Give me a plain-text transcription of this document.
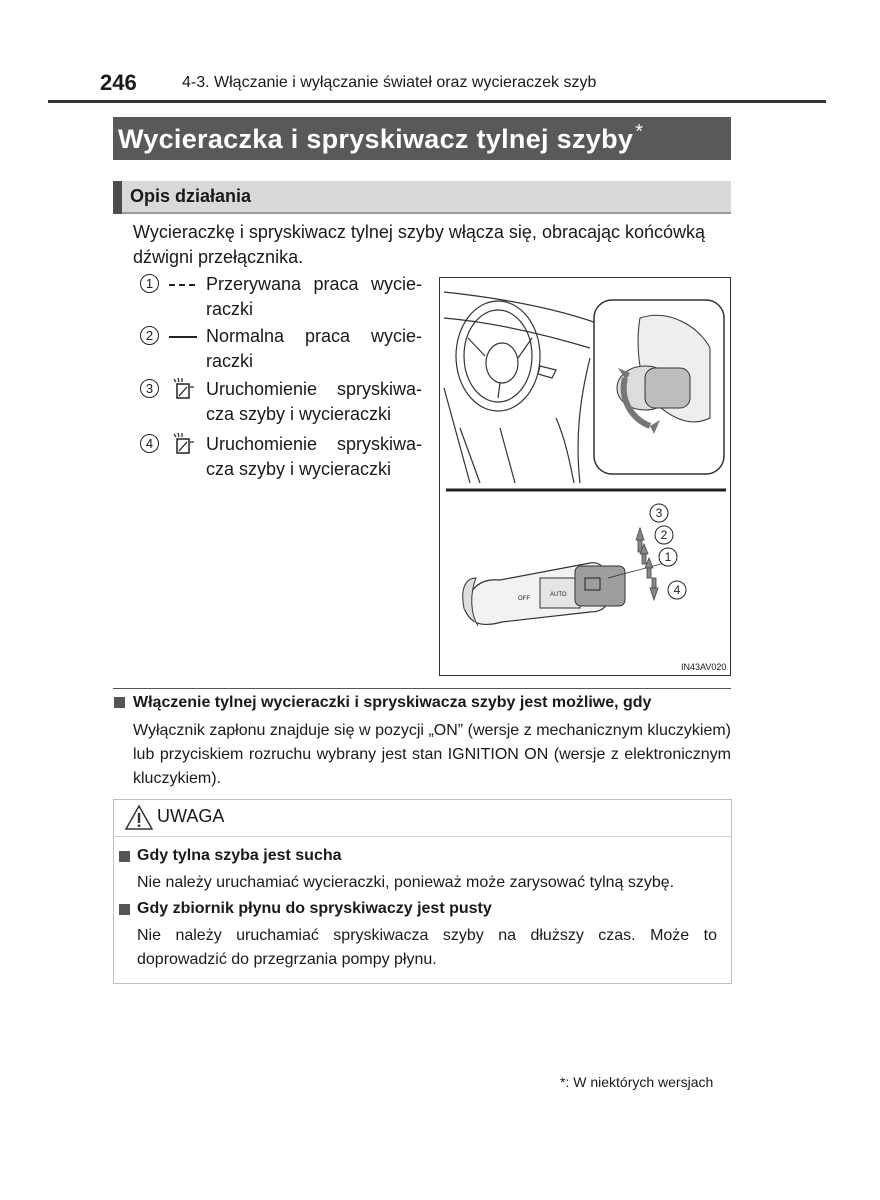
246	4-3. Włączanie i wyłączanie świateł oraz wycieraczek szyb
Wycieraczka i spryskiwacz tylnej szyby *
Opis działania
Wycieraczkę i spryskiwacz tylnej szyby włącza się, obracając końcówką dźwigni przełącznika.
1	Przerywana praca wycie-raczki
2	Normalna praca wycie-raczki
3	Uruchomienie spryskiwa-cza szyby i wycieraczki
4	Uruchomienie spryskiwa-cza szyby i wycieraczki
OFF
AUTO
3
2
1
4
IN43AV020
Włączenie tylnej wycieraczki i spryskiwacza szyby jest możliwe, gdy
Wyłącznik zapłonu znajduje się w pozycji „ON” (wersje z mechanicznym kluczykiem) lub przyciskiem rozruchu wybrany jest stan IGNITION ON (wersje z elektronicznym kluczykiem).
UWAGA
Gdy tylna szyba jest sucha
Nie należy uruchamiać wycieraczki, ponieważ może zarysować tylną szybę.
Gdy zbiornik płynu do spryskiwaczy jest pusty
Nie należy uruchamiać spryskiwacza szyby na dłuższy czas. Może to doprowadzić do przegrzania pompy płynu.
*: W niektórych wersjach
